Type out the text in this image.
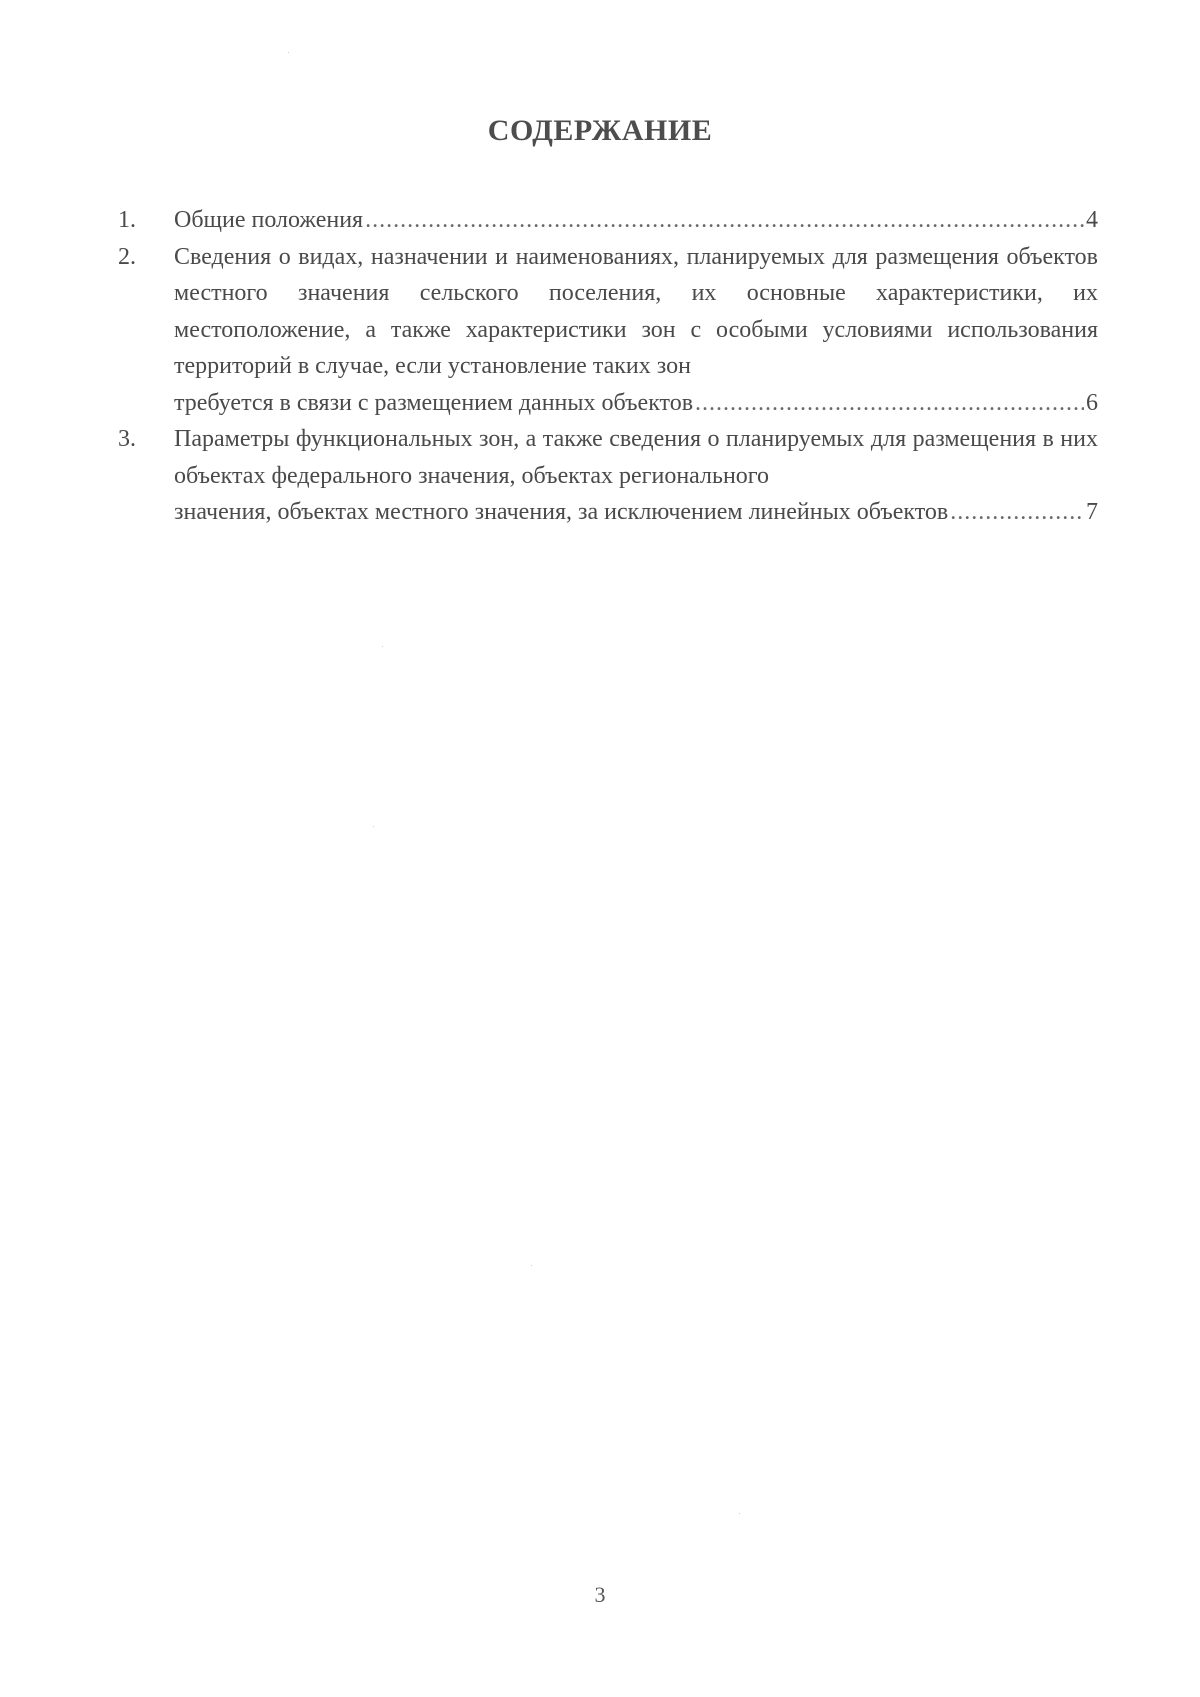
СОДЕРЖАНИЕ
1.	Общие положения .....	4
2.	Сведения о видах, назначении и наименованиях, планируемых для размещения объектов местного значения сельского поселения, их основные характеристики, их местоположение, а также характеристики зон с особыми условиями использования территорий в случае, если установление таких зон
требуется в связи с размещением данных объектов .....	6
3.	Параметры функциональных зон, а также сведения о планируемых для размещения в них объектах федерального значения, объектах регионального
значения, объектах местного значения, за исключением линейных объектов .....	7
3
